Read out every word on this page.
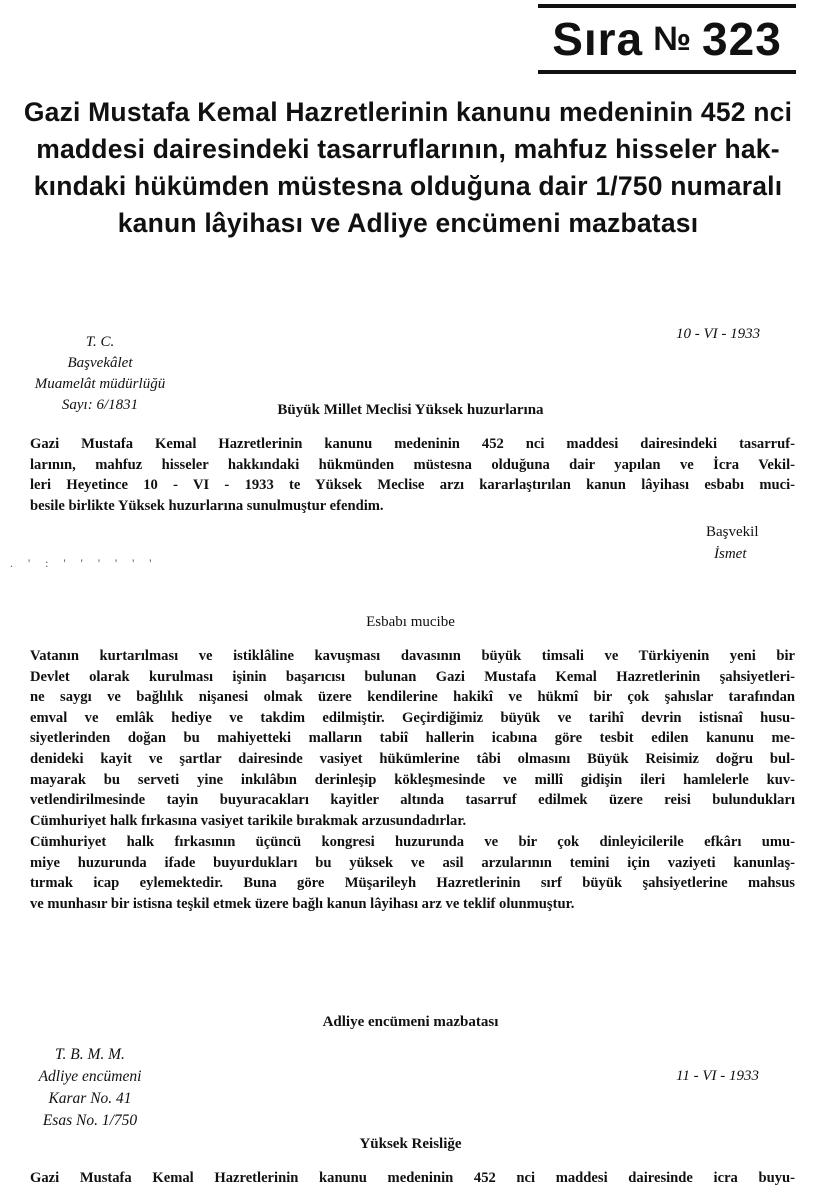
Sıra № 323
Gazi Mustafa Kemal Hazretlerinin kanunu medeninin 452 nci
maddesi dairesindeki tasarruflarının, mahfuz hisseler hak-
kındaki hükümden müstesna olduğuna dair 1/750 numaralı
kanun lâyihası ve Adliye encümeni mazbatası
T. C.
Başvekâlet
Muamelât müdürlüğü
Sayı: 6/1831
10 - VI - 1933
Büyük Millet Meclisi Yüksek huzurlarına
Gazi Mustafa Kemal Hazretlerinin kanunu medeninin 452 nci maddesi dairesindeki tasarruf-
larının, mahfuz hisseler hakkındaki hükmünden müstesna olduğuna dair yapılan ve İcra Vekil-
leri Heyetince 10 - VI - 1933 te Yüksek Meclise arzı kararlaştırılan kanun lâyihası esbabı muci-
besile birlikte Yüksek huzurlarına sunulmuştur efendim.
Başvekil
İsmet
. ' : ' ' ' ' ' '
Esbabı mucibe
Vatanın kurtarılması ve istiklâline kavuşması davasının büyük timsali ve Türkiyenin yeni bir
Devlet olarak kurulması işinin başarıcısı bulunan Gazi Mustafa Kemal Hazretlerinin şahsiyetleri-
ne saygı ve bağlılık nişanesi olmak üzere kendilerine hakikî ve hükmî bir çok şahıslar tarafından
emval ve emlâk hediye ve takdim edilmiştir. Geçirdiğimiz büyük ve tarihî devrin istisnaî husu-
siyetlerinden doğan bu mahiyetteki malların tabiî hallerin icabına göre tesbit edilen kanunu me-
denideki kayit ve şartlar dairesinde vasiyet hükümlerine tâbi olmasını Büyük Reisimiz doğru bul-
mayarak bu serveti yine inkılâbın derinleşip kökleşmesinde ve millî gidişin ileri hamlelerle kuv-
vetlendirilmesinde tayin buyuracakları kayitler altında tasarruf edilmek üzere reisi bulundukları
Cümhuriyet halk fırkasına vasiyet tarikile bırakmak arzusundadırlar.
Cümhuriyet halk fırkasının üçüncü kongresi huzurunda ve bir çok dinleyicilerile efkârı umu-
miye huzurunda ifade buyurdukları bu yüksek ve asil arzularının temini için vaziyeti kanunlaş-
tırmak icap eylemektedir. Buna göre Müşarileyh Hazretlerinin sırf büyük şahsiyetlerine mahsus
ve munhasır bir istisna teşkil etmek üzere bağlı kanun lâyihası arz ve teklif olunmuştur.
Adliye encümeni mazbatası
T. B. M. M.
Adliye encümeni
Karar No. 41
Esas No. 1/750
11 - VI - 1933
Yüksek Reisliğe
Gazi Mustafa Kemal Hazretlerinin kanunu medeninin 452 nci maddesi dairesinde icra buyu-
